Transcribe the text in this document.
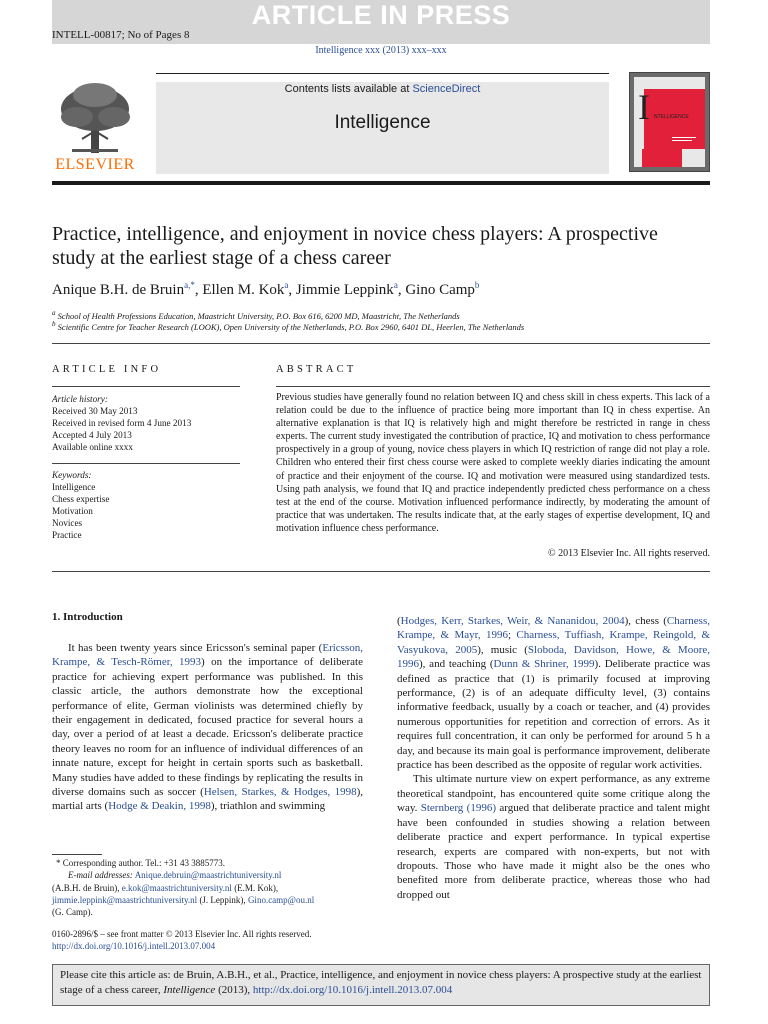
ARTICLE IN PRESS
INTELL-00817; No of Pages 8
Intelligence xxx (2013) xxx–xxx
ELSEVIER
Contents lists available at ScienceDirect
Intelligence	I NTELLIGENCE
Practice, intelligence, and enjoyment in novice chess players: A prospective study at the earliest stage of a chess career
Anique B.H. de Bruin$^{a,*}$, Ellen M. Kok$^a$, Jimmie Leppink$^a$, Gino Camp$^b$
$^a$ School of Health Professions Education, Maastricht University, P.O. Box 616, 6200 MD, Maastricht, The Netherlands
$^b$ Scientific Centre for Teacher Research (LOOK), Open University of the Netherlands, P.O. Box 2960, 6401 DL, Heerlen, The Netherlands
ARTICLE INFO	ABSTRACT
Article history:
Received 30 May 2013
Received in revised form 4 June 2013
Accepted 4 July 2013
Available online xxxx
Keywords:
Intelligence
Chess expertise
Motivation
Novices
Practice
Previous studies have generally found no relation between IQ and chess skill in chess experts. This lack of a relation could be due to the influence of practice being more important than IQ in chess expertise. An alternative explanation is that IQ is relatively high and might therefore be restricted in range in chess experts. The current study investigated the contribution of practice, IQ and motivation to chess performance prospectively in a group of young, novice chess players in which IQ restriction of range did not play a role. Children who entered their first chess course were asked to complete weekly diaries indicating the amount of practice and their enjoyment of the course. IQ and motivation were measured using standardized tests. Using path analysis, we found that IQ and practice independently predicted chess performance on a chess test at the end of the course. Motivation influenced performance indirectly, by moderating the amount of practice that was undertaken. The results indicate that, at the early stages of expertise development, IQ and motivation influence chess performance.
© 2013 Elsevier Inc. All rights reserved.
1. Introduction

It has been twenty years since Ericsson's seminal paper (Ericsson, Krampe, & Tesch-Römer, 1993) on the importance of deliberate practice for achieving expert performance was published. In this classic article, the authors demonstrate how the exceptional performance of elite, German violinists was determined chiefly by their engagement in dedicated, focused practice for several hours a day, over a period of at least a decade. Ericsson's deliberate practice theory leaves no room for an influence of individual differences of an innate nature, except for height in certain sports such as basketball. Many studies have added to these findings by replicating the results in diverse domains such as soccer (Helsen, Starkes, & Hodges, 1998), martial arts (Hodge & Deakin, 1998), triathlon and swimming

(Hodges, Kerr, Starkes, Weir, & Nananidou, 2004), chess (Charness, Krampe, & Mayr, 1996; Charness, Tuffiash, Krampe, Reingold, & Vasyukova, 2005), music (Sloboda, Davidson, Howe, & Moore, 1996), and teaching (Dunn & Shriner, 1999). Deliberate practice was defined as practice that (1) is primarily focused at improving performance, (2) is of an adequate difficulty level, (3) contains informative feedback, usually by a coach or teacher, and (4) provides numerous opportunities for repetition and correction of errors. As it requires full concentration, it can only be performed for around 5 h a day, and because its main goal is performance improvement, deliberate practice has been described as the opposite of regular work activities.

This ultimate nurture view on expert performance, as any extreme theoretical standpoint, has encountered quite some critique along the way. Sternberg (1996) argued that deliberate practice and talent might have been confounded in studies showing a relation between deliberate practice and expert performance. In typical expertise research, experts are compared with non-experts, but not with dropouts. Those who have made it might also be the ones who benefited more from deliberate practice, whereas those who had dropped out

* Corresponding author. Tel.: +31 43 3885773.
E-mail addresses: Anique.debruin@maastrichtuniversity.nl
(A.B.H. de Bruin), e.kok@maastrichtuniversity.nl (E.M. Kok),
jimmie.leppink@maastrichtuniversity.nl (J. Leppink), Gino.camp@ou.nl
(G. Camp).
0160-2896/$ – see front matter © 2013 Elsevier Inc. All rights reserved.
http://dx.doi.org/10.1016/j.intell.2013.07.004
Please cite this article as: de Bruin, A.B.H., et al., Practice, intelligence, and enjoyment in novice chess players: A prospective study at the earliest stage of a chess career, Intelligence (2013), http://dx.doi.org/10.1016/j.intell.2013.07.004
